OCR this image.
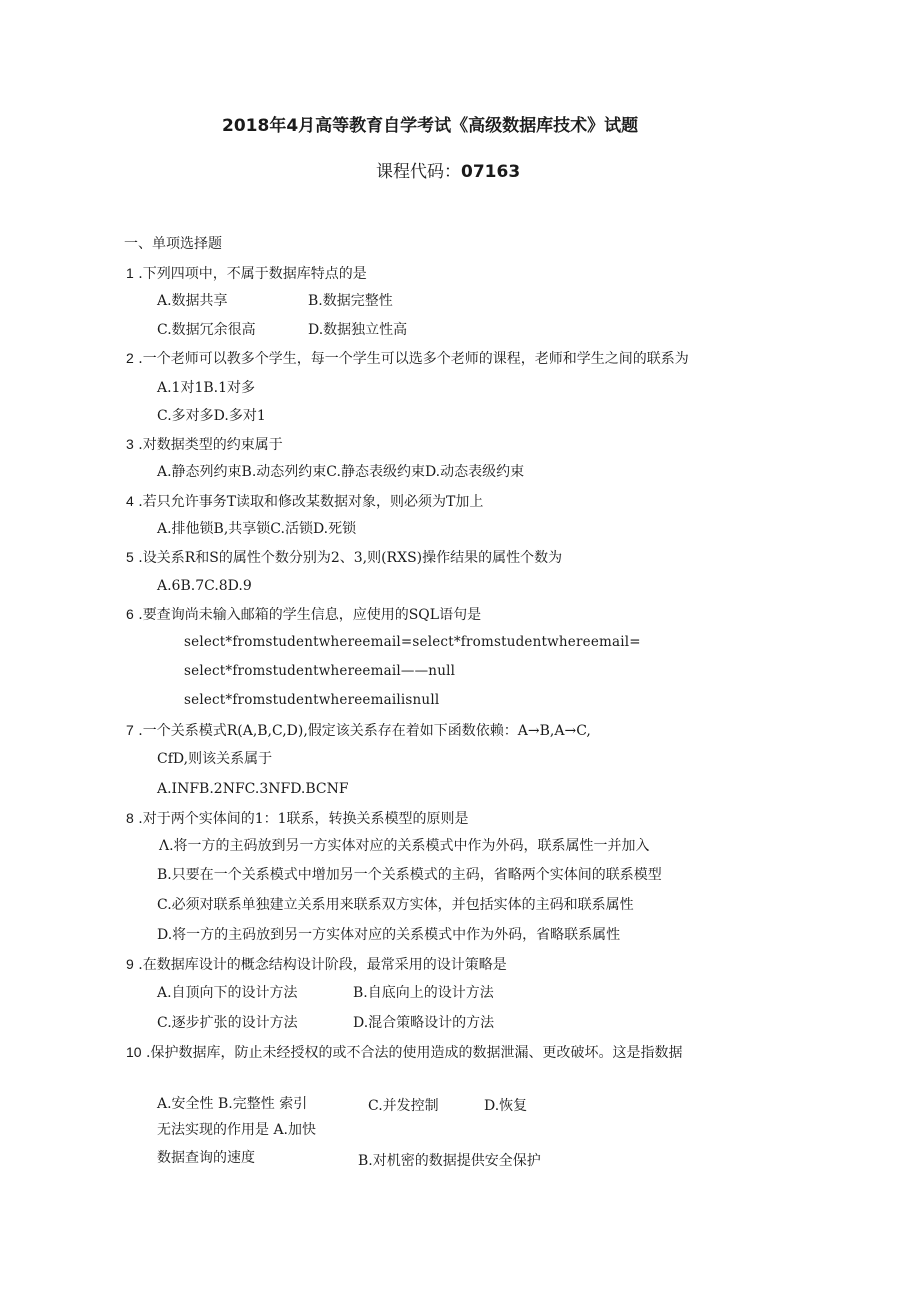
2018年4月高等教育自学考试《高级数据库技术》试题
课程代码：07163
一、单项选择题
1 .下列四项中，不属于数据库特点的是
A.数据共享	B.数据完整性
C.数据冗余很高	D.数据独立性高
2 .一个老师可以教多个学生，每一个学生可以选多个老师的课程，老师和学生之间的联系为
A.1对1B.1对多
C.多对多D.多对1
3 .对数据类型的约束属于
A.静态列约束B.动态列约束C.静态表级约束D.动态表级约束
4 .若只允许事务T读取和修改某数据对象，则必须为T加上
A.排他锁B,共享锁C.活锁D.死锁
5 .设关系R和S的属性个数分别为2、3,则(RXS)操作结果的属性个数为
A.6B.7C.8D.9
6 .要查询尚未输入邮箱的学生信息，应使用的SQL语句是
select*fromstudentwhereemail=select*fromstudentwhereemail=
select*fromstudentwhereemail——null
select*fromstudentwhereemailisnull
7 .一个关系模式R(A,B,C,D),假定该关系存在着如下函数依赖：A→B,A→C,
CfD,则该关系属于
A.INFB.2NFC.3NFD.BCNF
8 .对于两个实体间的1：1联系，转换关系模型的原则是
Λ.将一方的主码放到另一方实体对应的关系模式中作为外码，联系属性一并加入
B.只要在一个关系模式中增加另一个关系模式的主码，省略两个实体间的联系模型
C.必须对联系单独建立关系用来联系双方实体，并包括实体的主码和联系属性
D.将一方的主码放到另一方实体对应的关系模式中作为外码，省略联系属性
9 .在数据库设计的概念结构设计阶段，最常采用的设计策略是
A.自顶向下的设计方法	B.自底向上的设计方法
C.逐步扩张的设计方法	D.混合策略设计的方法
10 .保护数据库，防止未经授权的或不合法的使用造成的数据泄漏、更改破坏。这是指数据
A.安全性 B.完整性 索引	C.并发控制	D.恢复
无法实现的作用是 A.加快
数据查询的速度	B.对机密的数据提供安全保护
